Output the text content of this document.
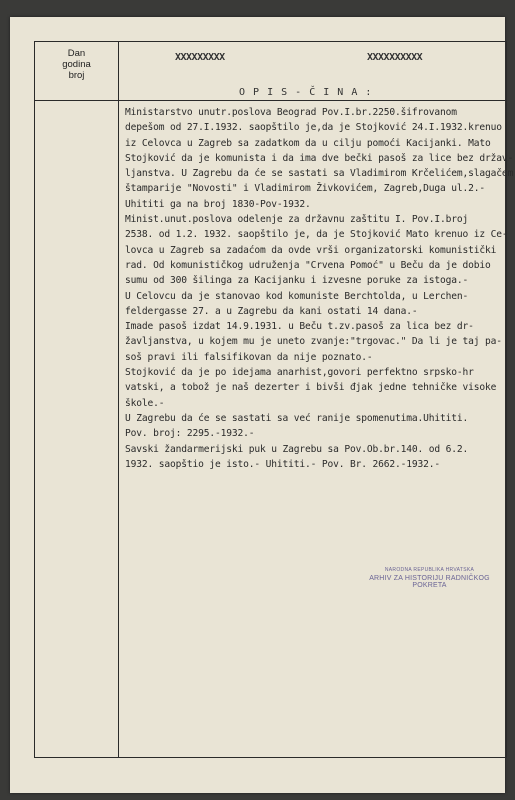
Dan
godina
broj
XXXXXXXXX	XXXXXXXXXX
O P I S - Č I N A :

Ministarstvo unutr.poslova Beograd Pov.I.br.2250.šifrovanom

depešom od 27.I.1932. saopštilo je,da je Stojković 24.I.1932.krenuo

iz Celovca u Zagreb sa zadatkom da u cilju pomoći Kacijanki. Mato

Stojković da je komunista i da ima dve bečki pasoš za lice bez držav-

ljanstva. U Zagrebu da će se sastati sa Vladimirom Krčelićem,slagačem

štamparije "Novosti" i Vladimirom Živkovićem, Zagreb,Duga ul.2.-

Uhititi ga na broj 1830-Pov-1932.

Minist.unut.poslova odelenje za državnu zaštitu I. Pov.I.broj

2538. od 1.2. 1932. saopštilo je, da je Stojković Mato krenuo iz Ce-

lovca u Zagreb sa zadaćom da ovde vrši organizatorski komunistički

rad. Od komunističkog udruženja "Crvena Pomoć" u Beču da je dobio

sumu od 300 šilinga za Kacijanku i izvesne poruke za istoga.-

U Celovcu da je stanovao kod komuniste Berchtolda, u Lerchen-

feldergasse 27. a u Zagrebu da kani ostati 14 dana.-

Imade pasoš izdat 14.9.1931. u Beču t.zv.pasoš za lica bez dr-

žavljanstva, u kojem mu je uneto zvanje:"trgovac." Da li je taj pa-

soš pravi ili falsifikovan da nije poznato.-

Stojković da je po idejama anarhist,govori perfektno srpsko-hr

vatski, a tobož je naš dezerter i bivši đjak jedne tehničke visoke

škole.-

U Zagrebu da će se sastati sa već ranije spomenutima.Uhititi.

Pov. broj: 2295.-1932.-

Savski žandarmerijski puk u Zagrebu sa Pov.Ob.br.140. od 6.2.

1932. saopštio je isto.- Uhititi.- Pov. Br. 2662.-1932.-

NARODNA REPUBLIKA HRVATSKA
ARHIV ZA HISTORIJU RADNIČKOG POKRETA
